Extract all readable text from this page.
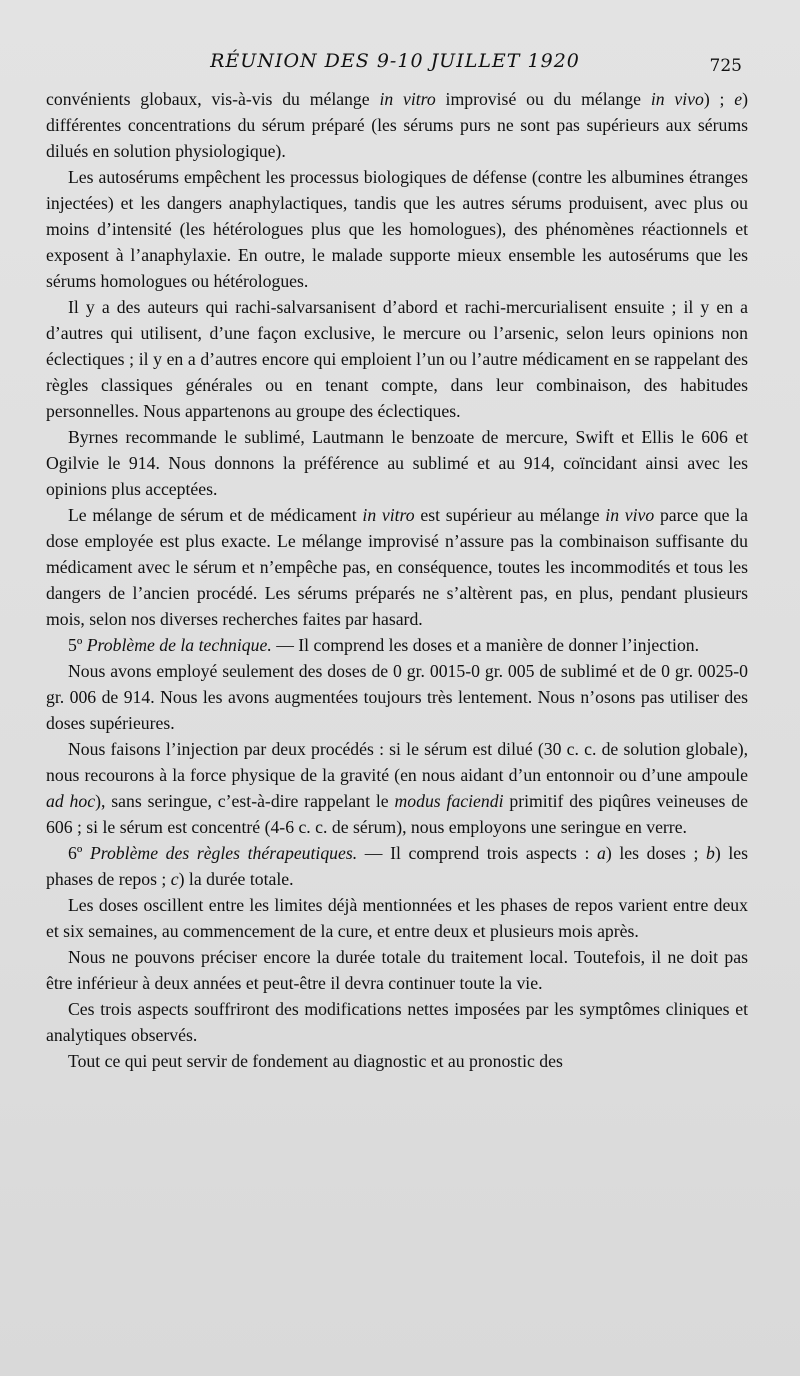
RÉUNION DES 9-10 JUILLET 1920	725

convénients globaux, vis-à-vis du mélange in vitro improvisé ou du mélange in vivo) ; e) différentes concentrations du sérum préparé (les sérums purs ne sont pas supérieurs aux sérums dilués en solution physiologique).

Les autosérums empêchent les processus biologiques de défense (contre les albumines étranges injectées) et les dangers anaphylactiques, tandis que les autres sérums produisent, avec plus ou moins d’intensité (les hétérologues plus que les homologues), des phénomènes réactionnels et exposent à l’anaphylaxie. En outre, le malade supporte mieux ensemble les autosérums que les sérums homologues ou hétérologues.

Il y a des auteurs qui rachi-salvarsanisent d’abord et rachi-mercurialisent ensuite ; il y en a d’autres qui utilisent, d’une façon exclusive, le mercure ou l’arsenic, selon leurs opinions non éclectiques ; il y en a d’autres encore qui emploient l’un ou l’autre médicament en se rappelant des règles classiques générales ou en tenant compte, dans leur combinaison, des habitudes personnelles. Nous appartenons au groupe des éclectiques.

Byrnes recommande le sublimé, Lautmann le benzoate de mercure, Swift et Ellis le 606 et Ogilvie le 914. Nous donnons la préférence au sublimé et au 914, coïncidant ainsi avec les opinions plus acceptées.

Le mélange de sérum et de médicament in vitro est supérieur au mélange in vivo parce que la dose employée est plus exacte. Le mélange improvisé n’assure pas la combinaison suffisante du médicament avec le sérum et n’empêche pas, en conséquence, toutes les incommodités et tous les dangers de l’ancien procédé. Les sérums préparés ne s’altèrent pas, en plus, pendant plusieurs mois, selon nos diverses recherches faites par hasard.

5º Problème de la technique. — Il comprend les doses et a manière de donner l’injection.

Nous avons employé seulement des doses de 0 gr. 0015-0 gr. 005 de sublimé et de 0 gr. 0025-0 gr. 006 de 914. Nous les avons augmentées toujours très lentement. Nous n’osons pas utiliser des doses supérieures.

Nous faisons l’injection par deux procédés : si le sérum est dilué (30 c. c. de solution globale), nous recourons à la force physique de la gravité (en nous aidant d’un entonnoir ou d’une ampoule ad hoc), sans seringue, c’est-à-dire rappelant le modus faciendi primitif des piqûres veineuses de 606 ; si le sérum est concentré (4-6 c. c. de sérum), nous employons une seringue en verre.

6º Problème des règles thérapeutiques. — Il comprend trois aspects : a) les doses ; b) les phases de repos ; c) la durée totale.

Les doses oscillent entre les limites déjà mentionnées et les phases de repos varient entre deux et six semaines, au commencement de la cure, et entre deux et plusieurs mois après.

Nous ne pouvons préciser encore la durée totale du traitement local. Toutefois, il ne doit pas être inférieur à deux années et peut-être il devra continuer toute la vie.

Ces trois aspects souffriront des modifications nettes imposées par les symptômes cliniques et analytiques observés.

Tout ce qui peut servir de fondement au diagnostic et au pronostic des
